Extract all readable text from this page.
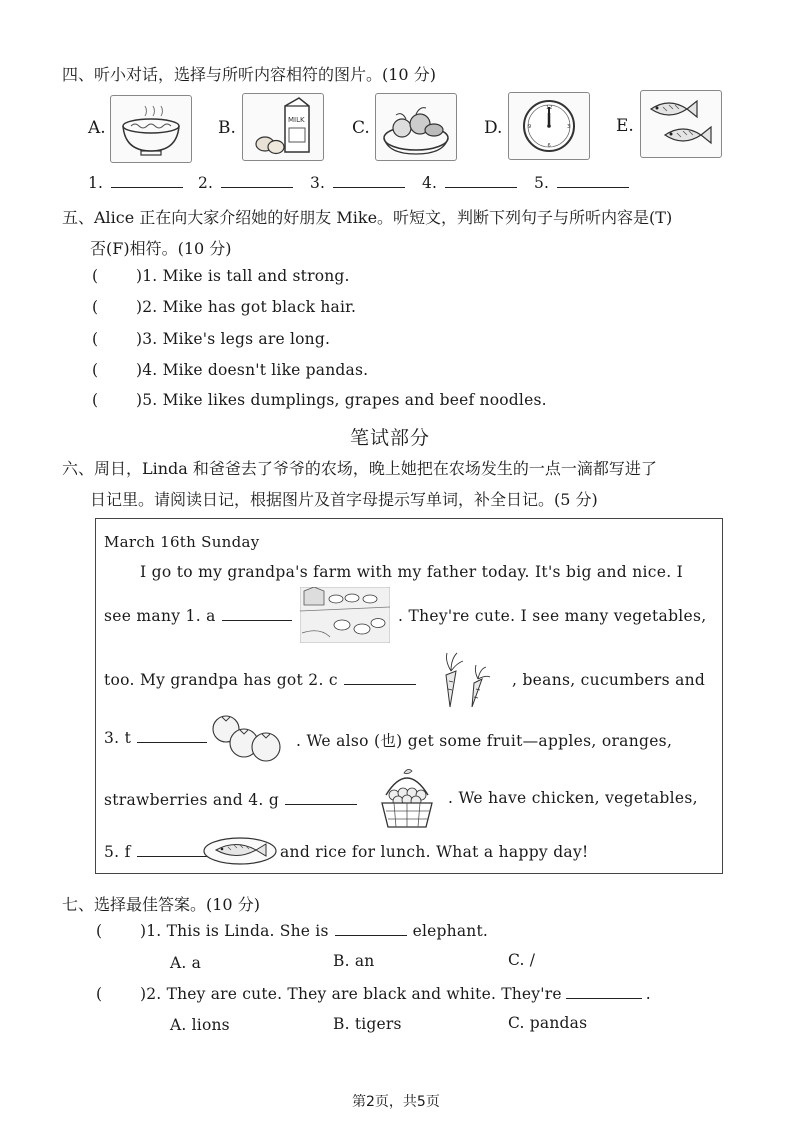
四、听小对话，选择与所听内容相符的图片。(10 分)
A.	B.	MILK	C.	D.
12
3
6
9	E.
1.	2.	3.	4.	5.
五、Alice 正在向大家介绍她的好朋友 Mike。听短文，判断下列句子与所听内容是(T)
否(F)相符。(10 分)
( )1. Mike is tall and strong.
( )2. Mike has got black hair.
( )3. Mike's legs are long.
( )4. Mike doesn't like pandas.
( )5. Mike likes dumplings, grapes and beef noodles.
笔试部分
六、周日，Linda 和爸爸去了爷爷的农场，晚上她把在农场发生的一点一滴都写进了
日记里。请阅读日记，根据图片及首字母提示写单词，补全日记。(5 分)
March 16th Sunday
I go to my grandpa's farm with my father today. It's big and nice. I
see many 1. a	. They're cute. I see many vegetables,
too. My grandpa has got 2. c	, beans, cucumbers and
3. t	. We also (也) get some fruit—apples, oranges,
strawberries and 4. g	. We have chicken, vegetables,
5. f	and rice for lunch. What a happy day!
七、选择最佳答案。(10 分)
( )1. This is Linda. She is	elephant.
A. a	B. an	C. /
( )2. They are cute. They are black and white. They're	.
A. lions	B. tigers	C. pandas
第2页，共5页
